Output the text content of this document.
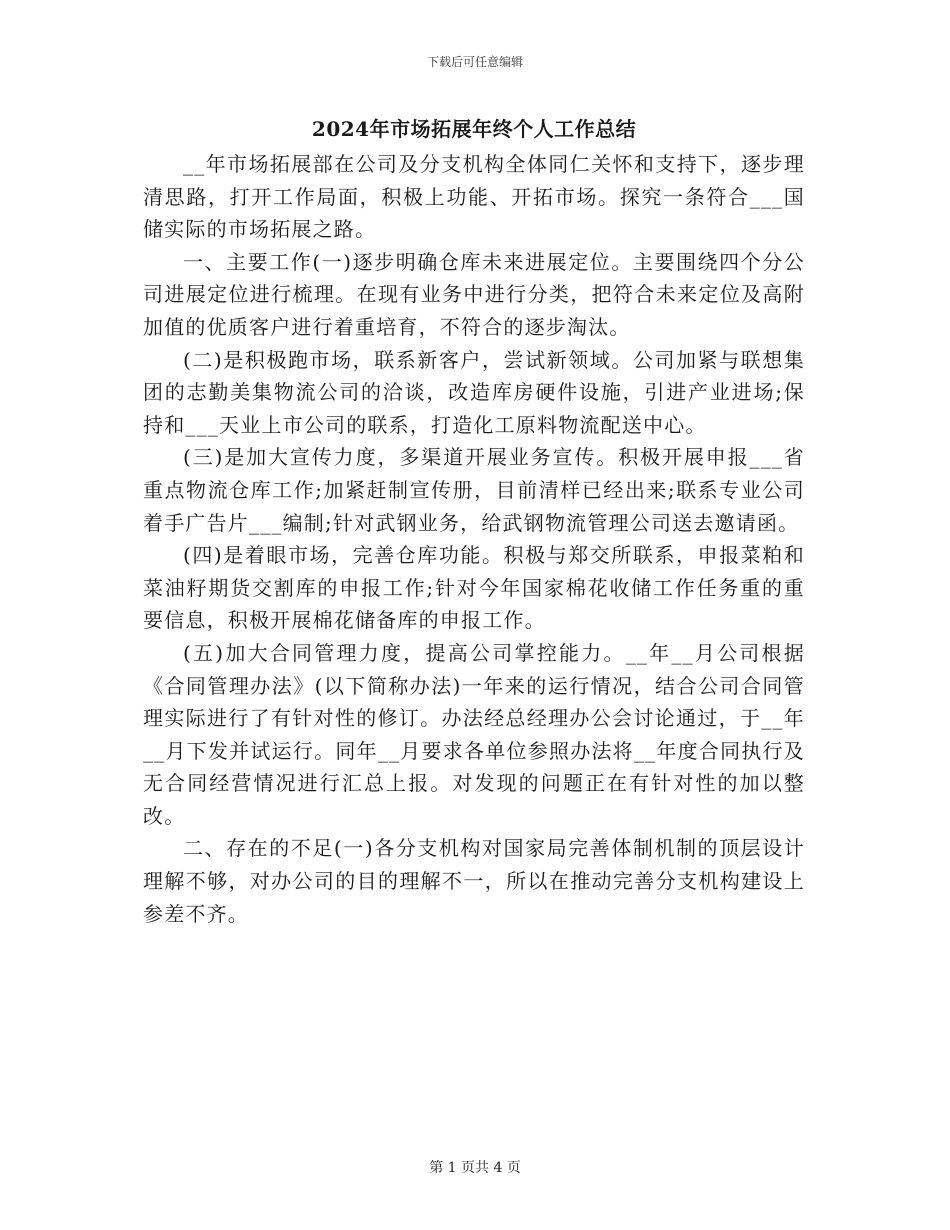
下载后可任意编辑
2024年市场拓展年终个人工作总结

__年市场拓展部在公司及分支机构全体同仁关怀和支持下，逐步理清思路，打开工作局面，积极上功能、开拓市场。探究一条符合___国储实际的市场拓展之路。

一、主要工作(一)逐步明确仓库未来进展定位。主要围绕四个分公司进展定位进行梳理。在现有业务中进行分类，把符合未来定位及高附加值的优质客户进行着重培育，不符合的逐步淘汰。

(二)是积极跑市场，联系新客户，尝试新领域。公司加紧与联想集团的志勤美集物流公司的洽谈，改造库房硬件设施，引进产业进场;保持和___天业上市公司的联系，打造化工原料物流配送中心。

(三)是加大宣传力度，多渠道开展业务宣传。积极开展申报___省重点物流仓库工作;加紧赶制宣传册，目前清样已经出来;联系专业公司着手广告片___编制;针对武钢业务，给武钢物流管理公司送去邀请函。

(四)是着眼市场，完善仓库功能。积极与郑交所联系，申报菜粕和菜油籽期货交割库的申报工作;针对今年国家棉花收储工作任务重的重要信息，积极开展棉花储备库的申报工作。

(五)加大合同管理力度，提高公司掌控能力。__年__月公司根据《合同管理办法》(以下简称办法)一年来的运行情况，结合公司合同管理实际进行了有针对性的修订。办法经总经理办公会讨论通过，于__年__月下发并试运行。同年__月要求各单位参照办法将__年度合同执行及无合同经营情况进行汇总上报。对发现的问题正在有针对性的加以整改。

二、存在的不足(一)各分支机构对国家局完善体制机制的顶层设计理解不够，对办公司的目的理解不一，所以在推动完善分支机构建设上参差不齐。

第 1 页共 4 页
